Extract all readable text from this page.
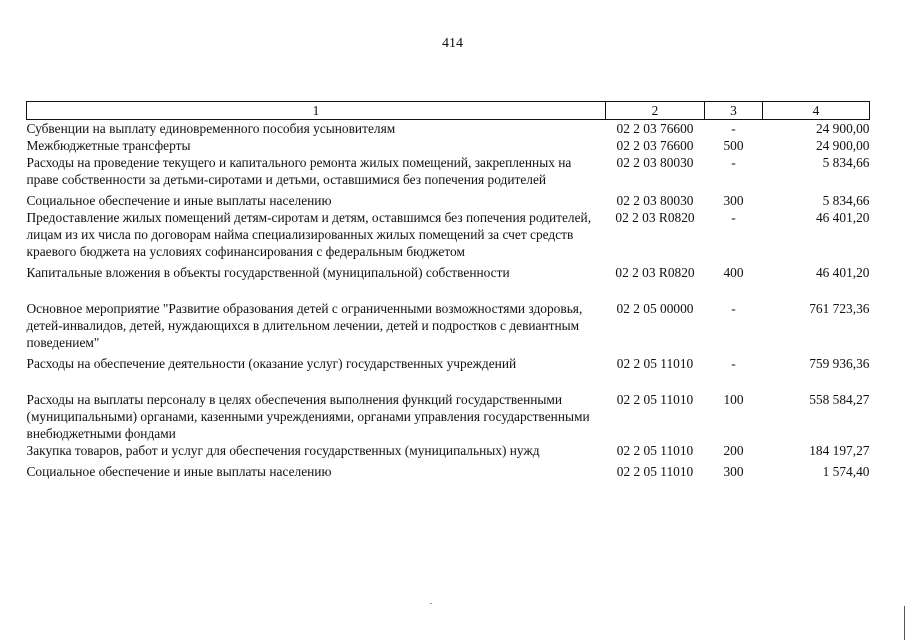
414
1	2	3	4
Субвенции на выплату единовременного пособия усыновителям	02 2 03 76600	-	24 900,00
Межбюджетные трансферты	02 2 03 76600	500	24 900,00
Расходы на проведение текущего и капитального ремонта жилых помещений, закрепленных на праве собственности за детьми-сиротами и детьми, оставшимися без попечения родителей	02 2 03 80030	-	5 834,66
Социальное обеспечение и иные выплаты населению	02 2 03 80030	300	5 834,66
Предоставление жилых помещений детям-сиротам и детям, оставшимся без попечения родителей, лицам из их числа по договорам найма специализированных жилых помещений за счет средств краевого бюджета на условиях софинансирования с федеральным бюджетом	02 2 03 R0820	-	46 401,20
Капитальные вложения в объекты государственной (муниципальной) собственности	02 2 03 R0820	400	46 401,20
Основное мероприятие "Развитие образования детей с ограниченными возможностями здоровья, детей-инвалидов, детей, нуждающихся в длительном лечении, детей и подростков с девиантным поведением"	02 2 05 00000	-	761 723,36
Расходы на обеспечение деятельности (оказание услуг) государственных учреждений	02 2 05 11010	-	759 936,36
Расходы на выплаты персоналу в целях обеспечения выполнения функций государственными (муниципальными) органами, казенными учреждениями, органами управления государственными внебюджетными фондами	02 2 05 11010	100	558 584,27
Закупка товаров, работ и услуг для обеспечения государственных (муниципальных) нужд	02 2 05 11010	200	184 197,27
Социальное обеспечение и иные выплаты населению	02 2 05 11010	300	1 574,40
